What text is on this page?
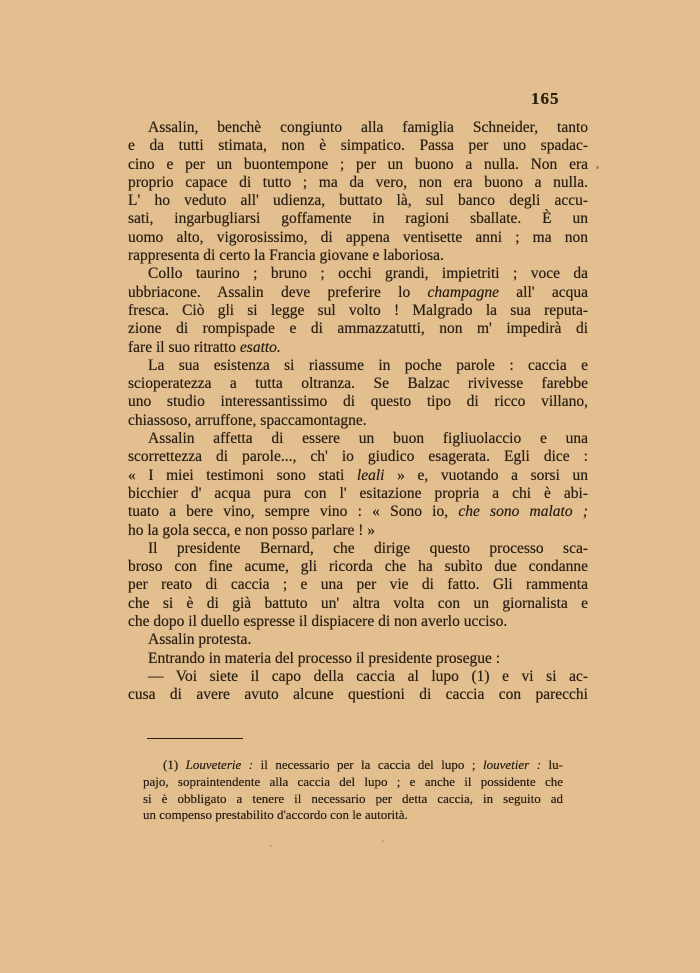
165
Assalin, benchè congiunto alla famiglia Schneider, tanto
e da tutti stimata, non è simpatico. Passa per uno spadac-
cino e per un buontempone ; per un buono a nulla. Non era
proprio capace di tutto ; ma da vero, non era buono a nulla.
L' ho veduto all' udienza, buttato là, sul banco degli accu-
sati, ingarbugliarsi goffamente in ragioni sballate. È un
uomo alto, vigorosissimo, di appena ventisette anni ; ma non
rappresenta di certo la Francia giovane e laboriosa.
Collo taurino ; bruno ; occhi grandi, impietriti ; voce da
ubbriacone. Assalin deve preferire lo champagne all' acqua
fresca. Ciò gli si legge sul volto ! Malgrado la sua reputa-
zione di rompispade e di ammazzatutti, non m' impedirà di
fare il suo ritratto esatto.
La sua esistenza si riassume in poche parole : caccia e
scioperatezza a tutta oltranza. Se Balzac rivivesse farebbe
uno studio interessantissimo di questo tipo di ricco villano,
chiassoso, arruffone, spaccamontagne.
Assalin affetta di essere un buon figliuolaccio e una
scorrettezza di parole..., ch' io giudico esagerata. Egli dice :
« I miei testimoni sono stati leali » e, vuotando a sorsi un
bicchier d' acqua pura con l' esitazione propria a chi è abi-
tuato a bere vino, sempre vino : « Sono io, che sono malato ;
ho la gola secca, e non posso parlare ! »
Il presidente Bernard, che dirige questo processo sca-
broso con fine acume, gli ricorda che ha subìto due condanne
per reato di caccia ; e una per vie di fatto. Gli rammenta
che si è di già battuto un' altra volta con un giornalista e
che dopo il duello espresse il dispiacere di non averlo ucciso.
Assalin protesta.
Entrando in materia del processo il presidente prosegue :
— Voi siete il capo della caccia al lupo (1) e vi si ac-
cusa di avere avuto alcune questioni di caccia con parecchi
(1) Louveterie : il necessario per la caccia del lupo ; louvetier : lu-
pajo, sopraintendente alla caccia del lupo ; e anche il possidente che
si è obbligato a tenere il necessario per detta caccia, in seguito ad
un compenso prestabilito d'accordo con le autorità.
